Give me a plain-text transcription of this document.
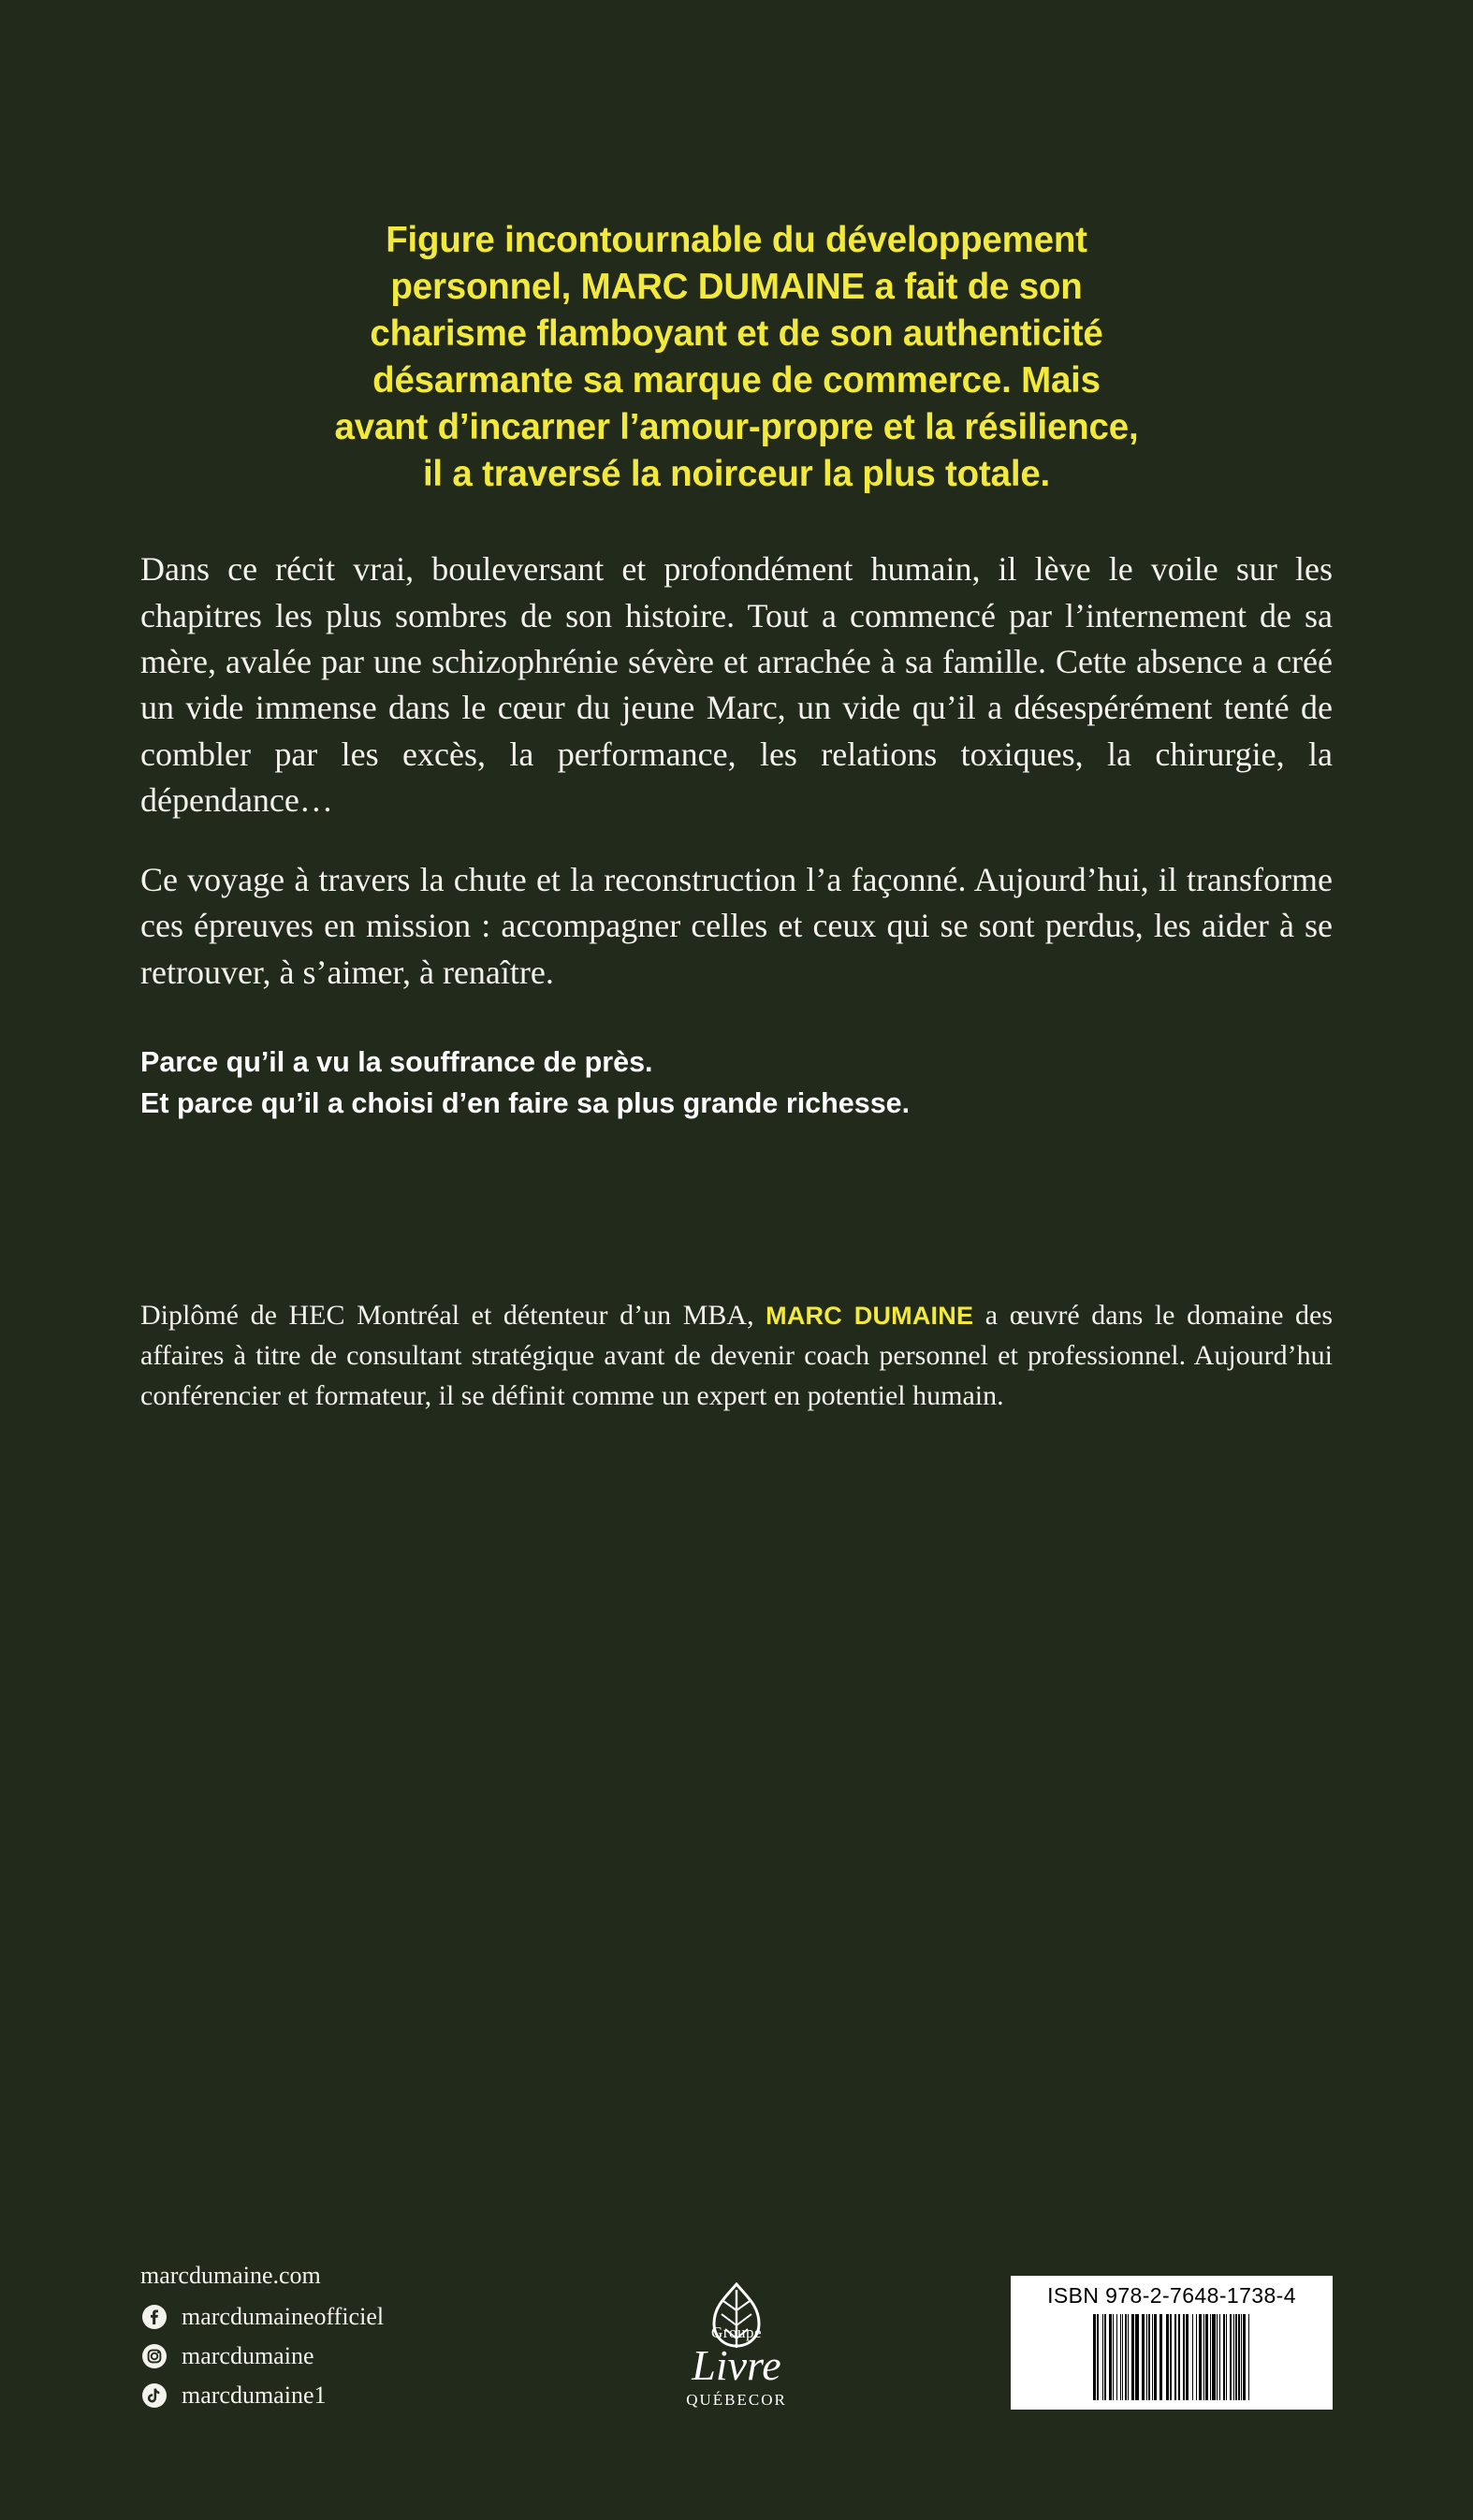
Figure incontournable du développement
personnel, MARC DUMAINE a fait de son
charisme flamboyant et de son authenticité
désarmante sa marque de commerce. Mais
avant d’incarner l’amour-propre et la résilience,
il a traversé la noirceur la plus totale.

Dans ce récit vrai, bouleversant et profondément humain, il lève le voile sur les chapitres les plus sombres de son histoire. Tout a commencé par l’internement de sa mère, avalée par une schizophrénie sévère et arrachée à sa famille. Cette absence a créé un vide immense dans le cœur du jeune Marc, un vide qu’il a désespérément tenté de combler par les excès, la performance, les relations toxiques, la chirurgie, la dépendance…

Ce voyage à travers la chute et la reconstruction l’a façonné. Aujourd’hui, il transforme ces épreuves en mission : accompagner celles et ceux qui se sont perdus, les aider à se retrouver, à s’aimer, à renaître.

Parce qu’il a vu la souffrance de près.
Et parce qu’il a choisi d’en faire sa plus grande richesse.
Diplômé de HEC Montréal et détenteur d’un MBA, MARC DUMAINE a œuvré dans le domaine des affaires à titre de consultant stratégique avant de devenir coach personnel et professionnel. Aujourd’hui conférencier et formateur, il se définit comme un expert en potentiel humain.
marcdumaine.com
marcdumaineofficiel
marcdumaine
marcdumaine1
ISBN 978-2-7648-1738-4
Groupe
Livre
QUÉBECOR
